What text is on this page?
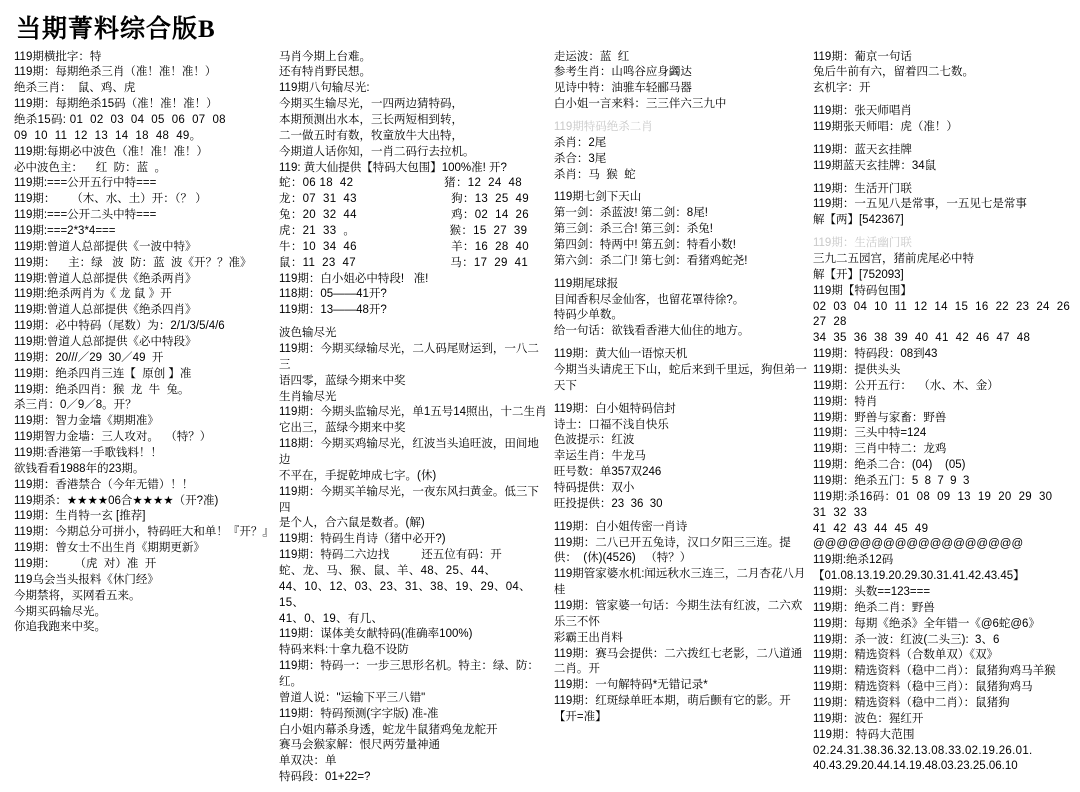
当期菁料综合版B

119期横批字：特

119期：每期绝杀三肖（准！准！准！）

绝杀三肖：  鼠、鸡、虎

119期：每期绝杀15码（准！准！准！）

绝杀15码: 01  02  03  04  05  06  07  08

09  10  11  12  13  14  18  48  49。

119期:每期必中波色（准！准！准！）

必中波色主：    红  防：蓝  。

119期:===公开五行中特===

119期：     （木、水、土）开：（？ ）

119期:===公开二头中特===

119期:===2*3*4===

119期:曾道人总部提供《一波中特》

119期：    主：绿   波  防：蓝  波《开？？准》

119期:曾道人总部提供《绝杀两肖》

119期:绝杀两肖为《 龙 鼠 》开

119期:曾道人总部提供《绝杀四肖》

119期：必中特码（尾数）为：2/1/3/5/4/6

119期:曾道人总部提供《必中特段》

119期：20///／29  30／49  开

119期：绝杀四肖三连【  原创 】准

119期：绝杀四肖：猴  龙  牛  兔。

杀三肖：0／9／8。开？

119期：智力金墙《期期准》

119期智力金墙：三人攻对。  （特？）

119期:香港第一手歌钱料！！

欲钱看看1988年的23期。

119期：香港禁合（今年无错）！！

119期杀：★★★★06合★★★★（开?准)

119期：生肖特一玄 [推荐]

119期：今期总分可拼小，特码旺大和单！『开？』

119期：曾女士不出生肖《期期更新》

119期：      （虎  对）准  开

119乌会当头报料《休门经》

今期禁将，买网看五来。

今期买码输尽光。

你追我跑来中奖。

马肖今期上台难。

还有特肖野民想。

119期八句输尽光:

今期买生输尽光，一四两边猜特码，

本期预测出水本，三长两短相到转，

二一做五时有数，牧童放牛大出特，

今期道人话你知，一肖二码行去拉机。

119: 黄大仙提供【特码大包围】100%准! 开?

蛇：06 18  42                          猪：12  24  48

龙：07  31  43                           狗：13  25  49

兔：20  32  44                           鸡：02  14  26

虎：21  33  。                           猴：15  27  39

牛：10  34  46                           羊：16  28  40

鼠：11  23  47                           马：17  29  41

119期：白小姐必中特段!   准!

118期：05——41开?

119期：13——48开?

波色输尽光

119期：今期买绿输尽光，二人码尾财运到，一八二三

语四零，蓝绿今期来中奖

生肖输尽光

119期：今期头监输尽光，单1五号14照出，十二生肖

它出三，蓝绿今期来中奖

118期：今期买鸡输尽光，红波当头追旺波，田间地边

不平在，手捉乾坤成七字。(休)

119期：今期买羊输尽光，一夜东风扫黄金。低三下四

是个人，合六鼠是数者。(解)

119期：特码生肖诗（猪中必开?)

119期：特码二六边找          还五位有码：开

蛇、龙、马、猴、鼠、羊、48、25、44、

44、10、12、03、23、31、38、19、29、04、15、

41、0、19、有几、

119期：谋体美女献特码(准确率100%)

特码来料:十拿九稳不设防

119期：特码一：一步三思形名机。特主：绿、防：红。

曾道人说："运输下平三八错"

119期：特码预测(字字版) 准-准

白小姐内幕杀身透，蛇龙牛鼠猪鸡兔龙舵开

赛马会猴家解：恨尺两劳量神通

单双决：单

特码段：01+22=?

走运波：蓝  红

参考生肖：山鸣谷应身蠲达

见诗中特：油骓车轻郦马器

白小姐一言来料：三三伴六三九中

119期特码绝杀二肖

杀肖：2尾

杀合：3尾

杀肖：马  猴  蛇

119期七剑下天山

第一剑：杀蓝波! 第二剑：8尾!

第三剑：杀三合! 第三剑：杀兔!

第四剑：特两中! 第五剑：特看小数!

第六剑：杀二门! 第七剑：看猪鸡蛇尧!

119期尾球报

目闻香积尽金仙客，也留花罩待徐?。

特码少单数。

给一句话：欲钱看香港大仙住的地方。

119期：黄大仙一语惊天机

今期当头请虎王下山，蛇后来到千里远，狗但弟一天下

119期：白小姐特码信封

诗士：口福不浅自快乐

色波提示：红波

幸运生肖：牛龙马

旺号数：单357双246

特码提供：双小

旺投提供：23  36  30

119期：白小姐传密一肖诗

119期：二八已开五兔诗，汉口夕阳三三连。提供：  (休)(4526)   （特？）

119期管家婆水机:闻远秋水三连三，二月杏花八月桂

119期：管家婆一句话：今期生法有红波，二六欢乐三不怀

彩霸王出肖料

119期：赛马会提供：二六拨红七老影，二八道通二肖。开

119期：一句解特码*无错记录*

119期：红斑绿单旺本期，萌后颤有它的影。开【开=准】

119期：葡京一句话

兔后牛前有六，留着四二七数。

玄机字：开

119期：张天师唱肖

119期张天师唱：虎（准！）

119期：蓝天玄挂牌

119期蓝天玄挂牌：34鼠

119期：生活开门联

119期：一五见八是常事，一五见七是常事

解【两】[542367]

119期：生活幽门联

三九二五园宫，猪前虎尾必中特

解【开】[752093]

119期【特码包围】

02  03  04  10  11  12  14  15  16  22  23  24  26  27  28

34  35  36  38  39  40  41  42  46  47  48

119期：特码段：08到43

119期：提供头头

119期：公开五行：  （水、木、金）

119期：特肖

119期：野兽与家畜：野兽

119期：三头中特=124

119期：三肖中特二：龙鸡

119期：绝杀二合：(04)    (05)

119期：绝杀五门：5  8  7  9  3

119期:杀16码：01  08  09  13  19  20  29  30  31  32  33

41  42  43  44  45  49

@@@@@@@@@@@@@@@@@@

119期:绝杀12码【01.08.13.19.20.29.30.31.41.42.43.45】

119期：头数==123===

119期：绝杀二肖：野兽

119期：每期《绝杀》全年错一《@6蛇@6》

119期：杀一波：红波(二头三):  3、6

119期：精选资料（合数单双）《双》

119期：精选资料（稳中二肖）：鼠猪狗鸡马羊猴

119期：精选资料（稳中三肖）：鼠猪狗鸡马

119期：精选资料（稳中二肖）：鼠猪狗

119期：波色：猩红开

119期：特码大范围

02.24.31.38.36.32.13.08.33.02.19.26.01.

40.43.29.20.44.14.19.48.03.23.25.06.10
